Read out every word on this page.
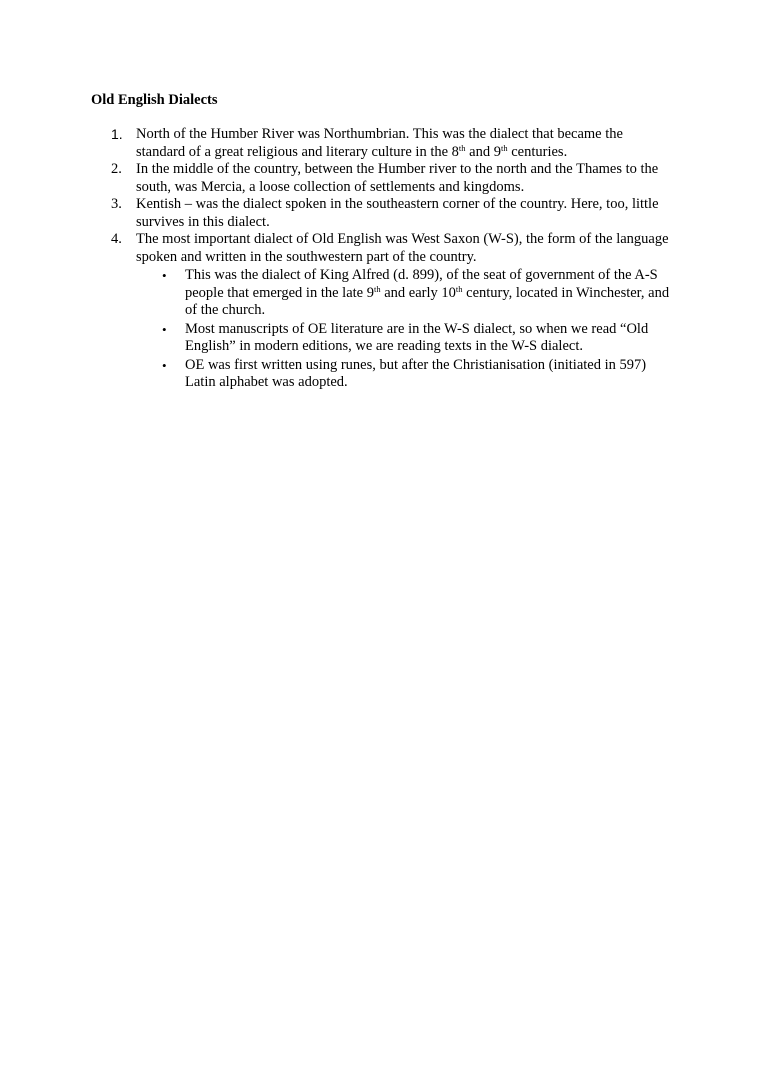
Old English Dialects
1. North of the Humber River was Northumbrian. This was the dialect that became the standard of a great religious and literary culture in the 8th and 9th centuries.
2. In the middle of the country, between the Humber river to the north and the Thames to the south, was Mercia, a loose collection of settlements and kingdoms.
3. Kentish – was the dialect spoken in the southeastern corner of the country. Here, too, little survives in this dialect.
4. The most important dialect of Old English was West Saxon (W-S), the form of the language spoken and written in the southwestern part of the country.
• This was the dialect of King Alfred (d. 899), of the seat of government of the A-S people that emerged in the late 9th and early 10th century, located in Winchester, and of the church.
• Most manuscripts of OE literature are in the W-S dialect, so when we read “Old English” in modern editions, we are reading texts in the W-S dialect.
• OE was first written using runes, but after the Christianisation (initiated in 597) Latin alphabet was adopted.
